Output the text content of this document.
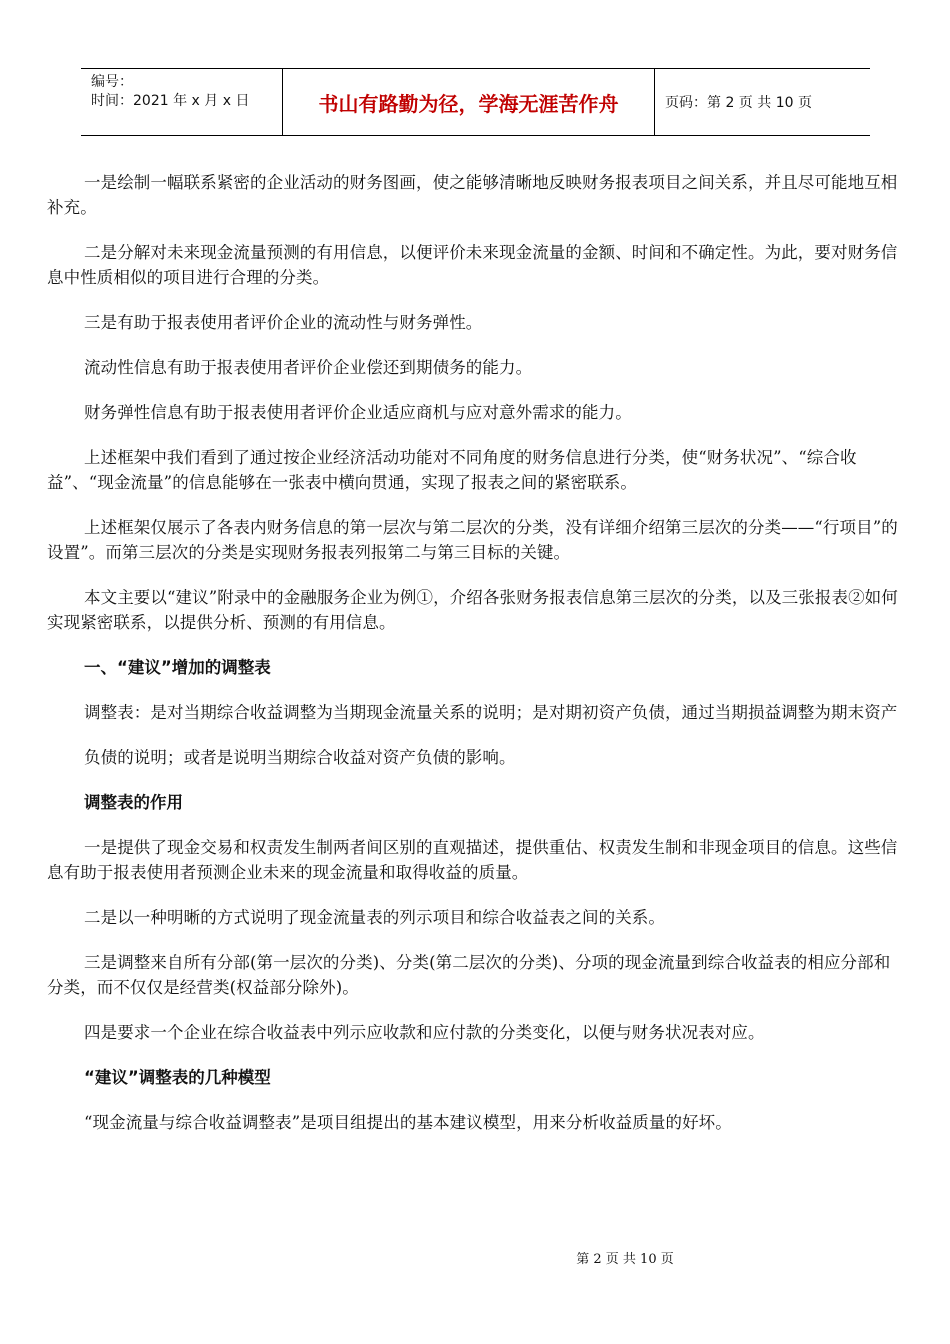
编号：
时间：2021 年 x 月 x 日	书山有路勤为径，学海无涯苦作舟	页码：第 2 页 共 10 页
一是绘制一幅联系紧密的企业活动的财务图画，使之能够清晰地反映财务报表项目之间关系，并且尽可能地互相补充。
二是分解对未来现金流量预测的有用信息，以便评价未来现金流量的金额、时间和不确定性。为此，要对财务信息中性质相似的项目进行合理的分类。
三是有助于报表使用者评价企业的流动性与财务弹性。
流动性信息有助于报表使用者评价企业偿还到期债务的能力。
财务弹性信息有助于报表使用者评价企业适应商机与应对意外需求的能力。
上述框架中我们看到了通过按企业经济活动功能对不同角度的财务信息进行分类，使“财务状况”、“综合收益”、“现金流量”的信息能够在一张表中横向贯通，实现了报表之间的紧密联系。
上述框架仅展示了各表内财务信息的第一层次与第二层次的分类，没有详细介绍第三层次的分类——“行项目”的设置”。而第三层次的分类是实现财务报表列报第二与第三目标的关键。
本文主要以“建议”附录中的金融服务企业为例①，介绍各张财务报表信息第三层次的分类，以及三张报表②如何实现紧密联系，以提供分析、预测的有用信息。
一、“建议”增加的调整表
调整表：是对当期综合收益调整为当期现金流量关系的说明；是对期初资产负债，通过当期损益调整为期末资产
负债的说明；或者是说明当期综合收益对资产负债的影响。
调整表的作用
一是提供了现金交易和权责发生制两者间区别的直观描述，提供重估、权责发生制和非现金项目的信息。这些信息有助于报表使用者预测企业未来的现金流量和取得收益的质量。
二是以一种明晰的方式说明了现金流量表的列示项目和综合收益表之间的关系。
三是调整来自所有分部(第一层次的分类)、分类(第二层次的分类)、分项的现金流量到综合收益表的相应分部和分类，而不仅仅是经营类(权益部分除外)。
四是要求一个企业在综合收益表中列示应收款和应付款的分类变化，以便与财务状况表对应。
“建议”调整表的几种模型
“现金流量与综合收益调整表”是项目组提出的基本建议模型，用来分析收益质量的好坏。
第 2 页 共 10 页
